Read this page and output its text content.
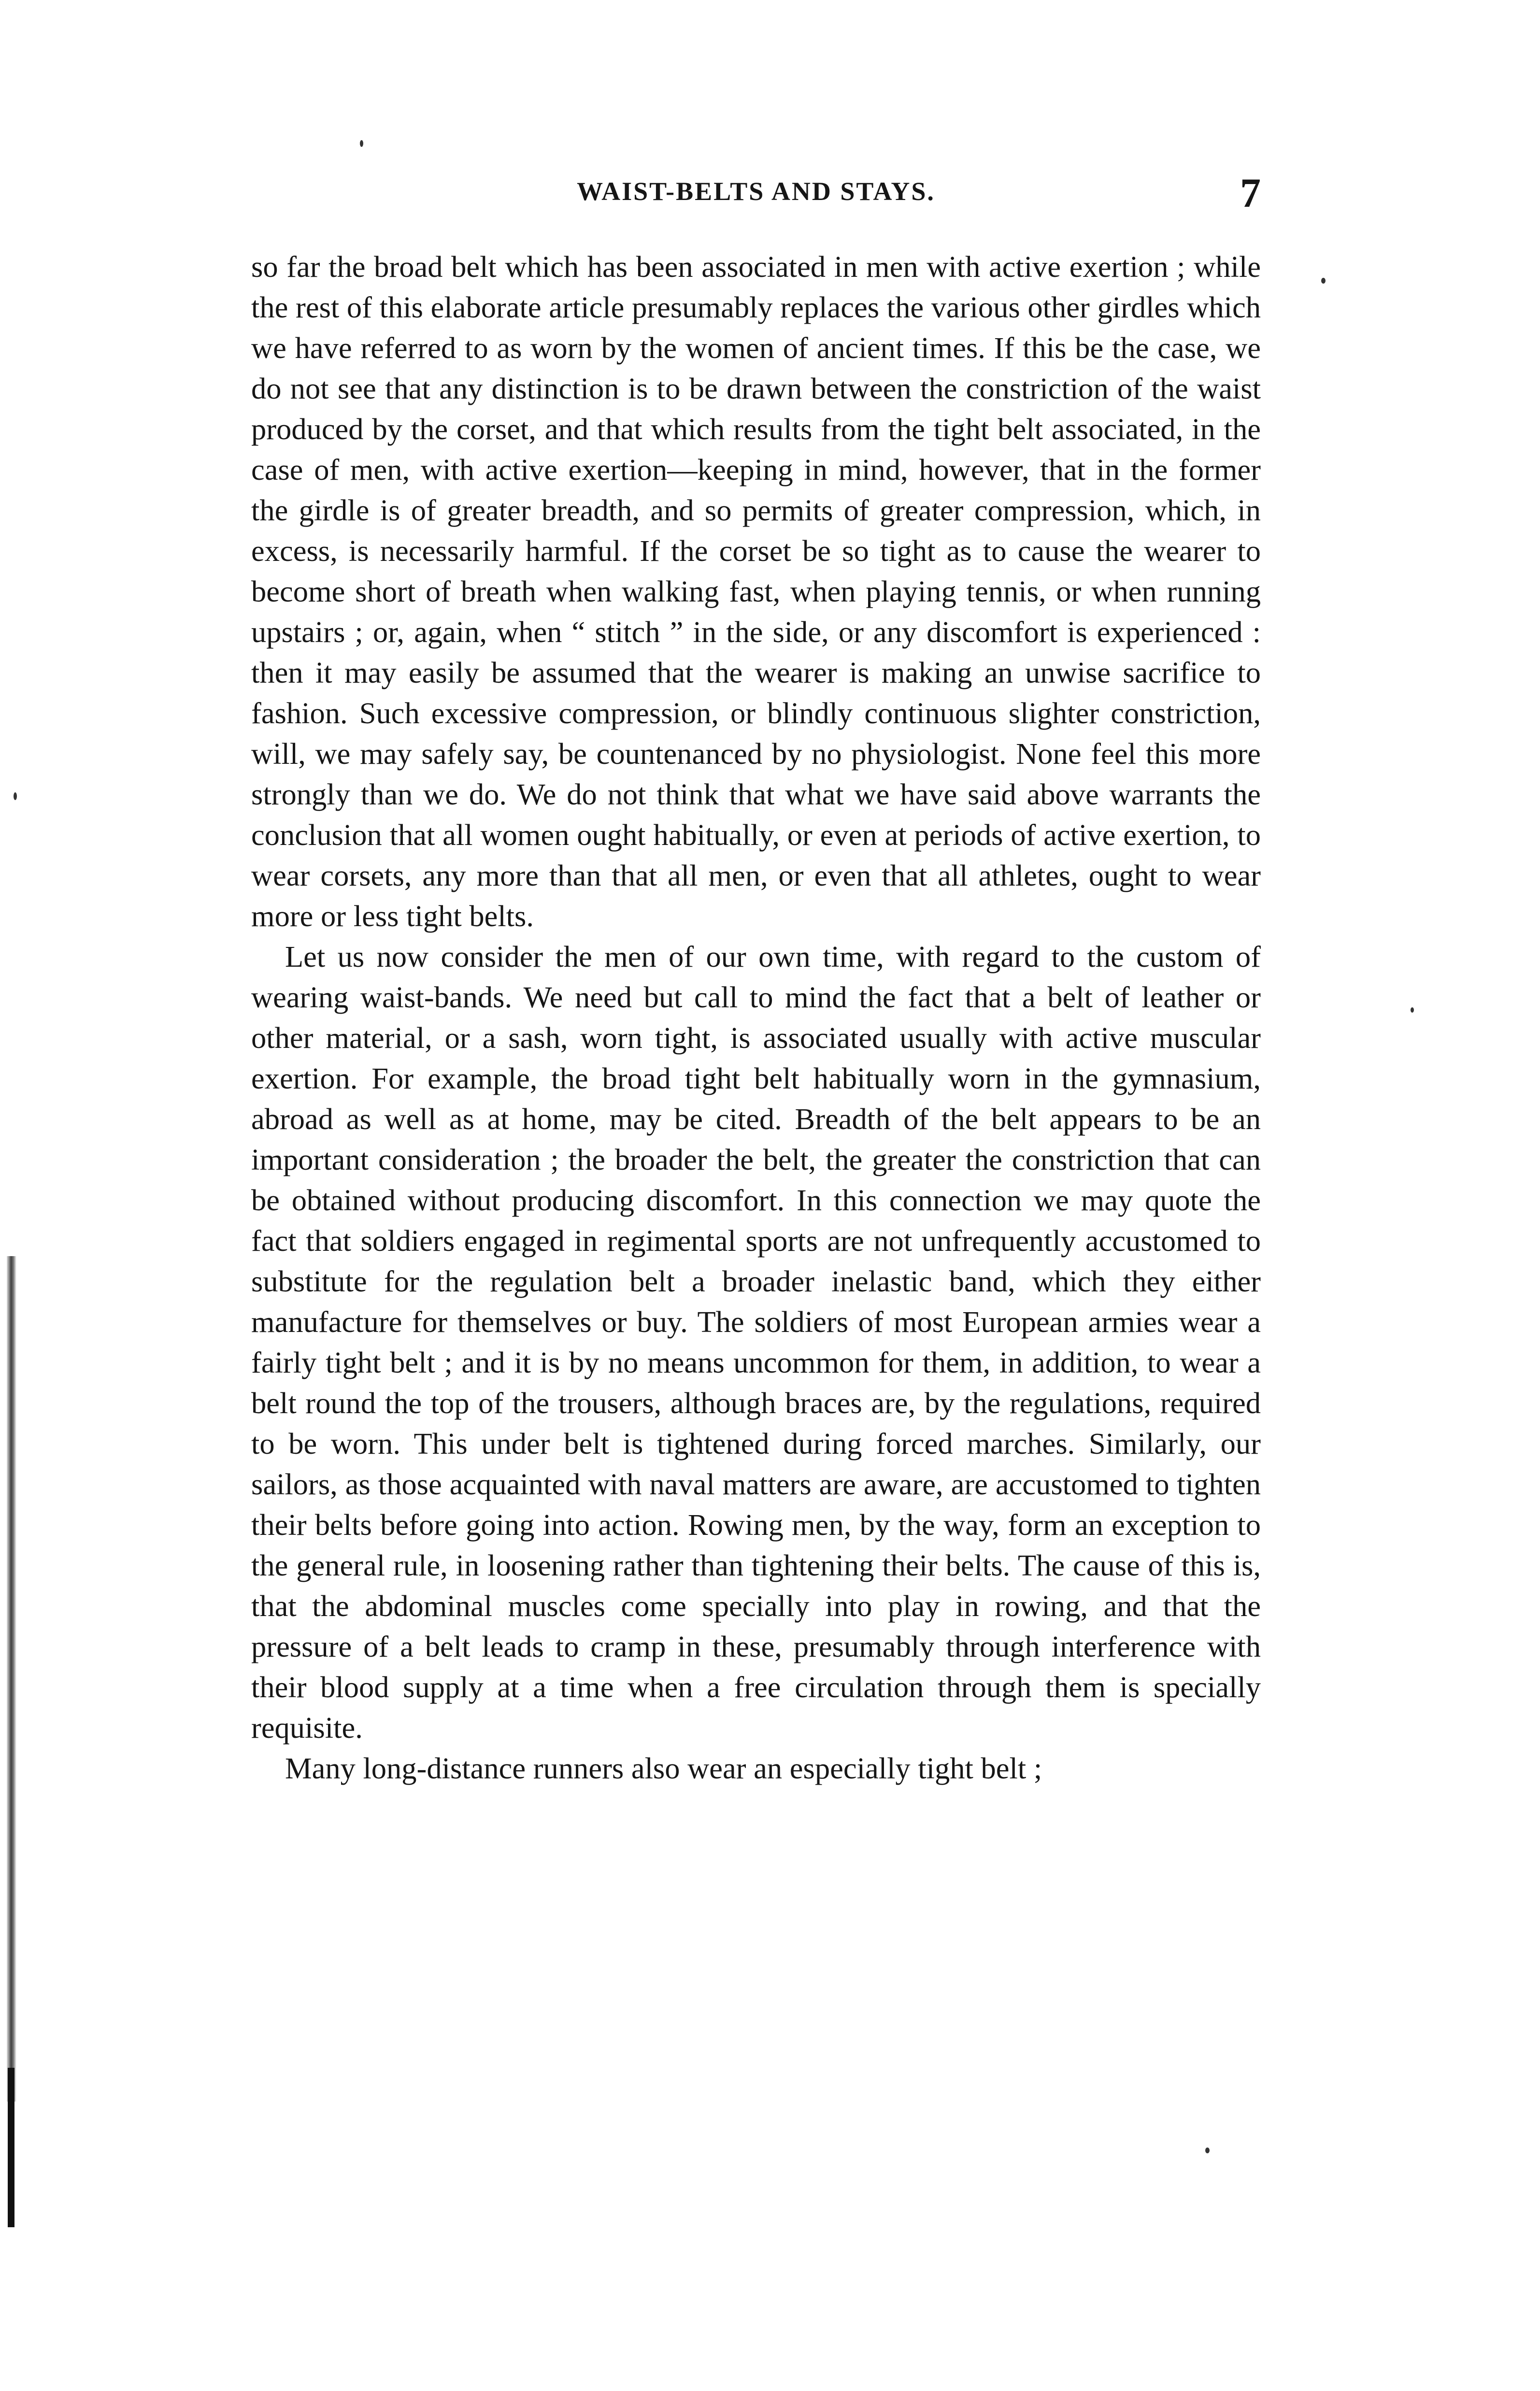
WAIST-BELTS AND STAYS.	7

so far the broad belt which has been associated in men with active exertion ; while the rest of this elaborate article presumably replaces the various other girdles which we have referred to as worn by the women of ancient times. If this be the case, we do not see that any distinction is to be drawn between the constriction of the waist produced by the corset, and that which results from the tight belt associated, in the case of men, with active exertion—keeping in mind, however, that in the former the girdle is of greater breadth, and so permits of greater compression, which, in excess, is necessarily harmful. If the corset be so tight as to cause the wearer to become short of breath when walking fast, when playing tennis, or when running upstairs ; or, again, when “ stitch ” in the side, or any discomfort is experienced : then it may easily be assumed that the wearer is making an unwise sacrifice to fashion. Such excessive compression, or blindly continuous slighter constriction, will, we may safely say, be countenanced by no physiologist. None feel this more strongly than we do. We do not think that what we have said above warrants the conclusion that all women ought habitually, or even at periods of active exertion, to wear corsets, any more than that all men, or even that all athletes, ought to wear more or less tight belts.

Let us now consider the men of our own time, with regard to the custom of wearing waist-bands. We need but call to mind the fact that a belt of leather or other material, or a sash, worn tight, is associated usually with active muscular exertion. For example, the broad tight belt habitually worn in the gymnasium, abroad as well as at home, may be cited. Breadth of the belt appears to be an important consideration ; the broader the belt, the greater the constriction that can be obtained without producing discomfort. In this connection we may quote the fact that soldiers engaged in regimental sports are not unfrequently accustomed to substitute for the regulation belt a broader inelastic band, which they either manufacture for themselves or buy. The soldiers of most European armies wear a fairly tight belt ; and it is by no means uncommon for them, in addition, to wear a belt round the top of the trousers, although braces are, by the regulations, required to be worn. This under belt is tightened during forced marches. Similarly, our sailors, as those acquainted with naval matters are aware, are accustomed to tighten their belts before going into action. Rowing men, by the way, form an exception to the general rule, in loosening rather than tightening their belts. The cause of this is, that the abdominal muscles come specially into play in rowing, and that the pressure of a belt leads to cramp in these, presumably through interference with their blood supply at a time when a free circulation through them is specially requisite.

Many long-distance runners also wear an especially tight belt ;
